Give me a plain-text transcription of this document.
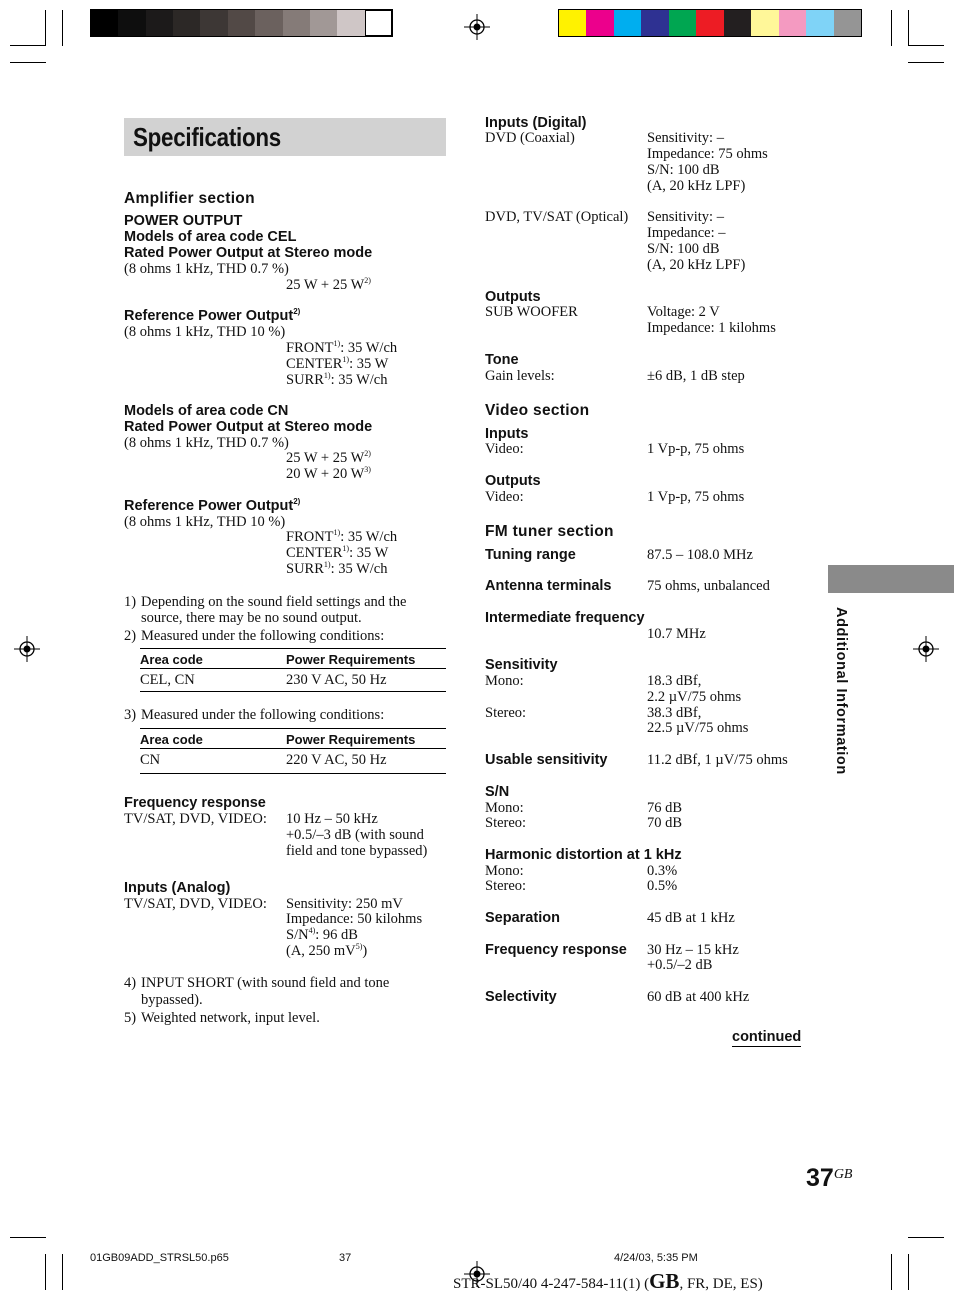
Specifications
Amplifier section
POWER OUTPUT
Models of area code CEL
Rated Power Output at Stereo mode
(8 ohms 1 kHz, THD 0.7 %)
25 W + 25 $W^{2)}$
Reference Power Output$^{2)}$
(8 ohms 1 kHz, THD 10 %)
FRONT$^{1)}$: 35 W/ch
CENTER$^{1)}$: 35 W
SURR$^{1)}$: 35 W/ch
Models of area code CN
Rated Power Output at Stereo mode
(8 ohms 1 kHz, THD 0.7 %)
25 W + 25 $W^{2)}$
20 W + 20 $W^{3)}$
Reference Power Output$^{2)}$
(8 ohms 1 kHz, THD 10 %)
FRONT$^{1)}$: 35 W/ch
CENTER$^{1)}$: 35 W
SURR$^{1)}$: 35 W/ch
1) Depending on the sound field settings and the
source, there may be no sound output.
2) Measured under the following conditions:
Area code	Power Requirements
CEL, CN	230 V AC, 50 Hz
3) Measured under the following conditions:
Area code	Power Requirements
CN	220 V AC, 50 Hz
Frequency response
TV/SAT, DVD, VIDEO: 10 Hz – 50 kHz
+0.5/–3 dB (with sound
field and tone bypassed)
Inputs (Analog)
TV/SAT, DVD, VIDEO: Sensitivity: 250 mV
Impedance: 50 kilohms
$S/N^{4)}$: 96 dB
(A, 250 $mV^{5)}$)
4) INPUT SHORT (with sound field and tone
bypassed).
5) Weighted network, input level.
Inputs (Digital)
DVD (Coaxial)	Sensitivity: –
Impedance: 75 ohms
S/N: 100 dB
(A, 20 kHz LPF)
DVD, TV/SAT (Optical) Sensitivity: –
Impedance: –
S/N: 100 dB
(A, 20 kHz LPF)
Outputs
SUB WOOFER	Voltage: 2 V
Impedance: 1 kilohms
Tone
Gain levels:	±6 dB, 1 dB step
Video section
Inputs
Video:	1 Vp-p, 75 ohms
Outputs
Video:	1 Vp-p, 75 ohms
FM tuner section
Tuning range	87.5 – 108.0 MHz
Antenna terminals 75 ohms, unbalanced
Intermediate frequency
10.7 MHz
Sensitivity
Mono:	18.3 dBf,
2.2 µV/75 ohms
Stereo:	38.3 dBf,
22.5 µV/75 ohms
Usable sensitivity	11.2 dBf, 1 µV/75 ohms
S/N
Mono:	76 dB
Stereo:	70 dB
Harmonic distortion at 1 kHz
Mono:	0.3%
Stereo:	0.5%
Separation	45 dB at 1 kHz
Frequency response 30 Hz – 15 kHz
+0.5/–2 dB
Selectivity	60 dB at 400 kHz
continued
Additional Information
37GB
01GB09ADD_STRSL50.p65	37	4/24/03, 5:35 PM
STR-SL50/40 4-247-584-11(1) (GB, FR, DE, ES)
